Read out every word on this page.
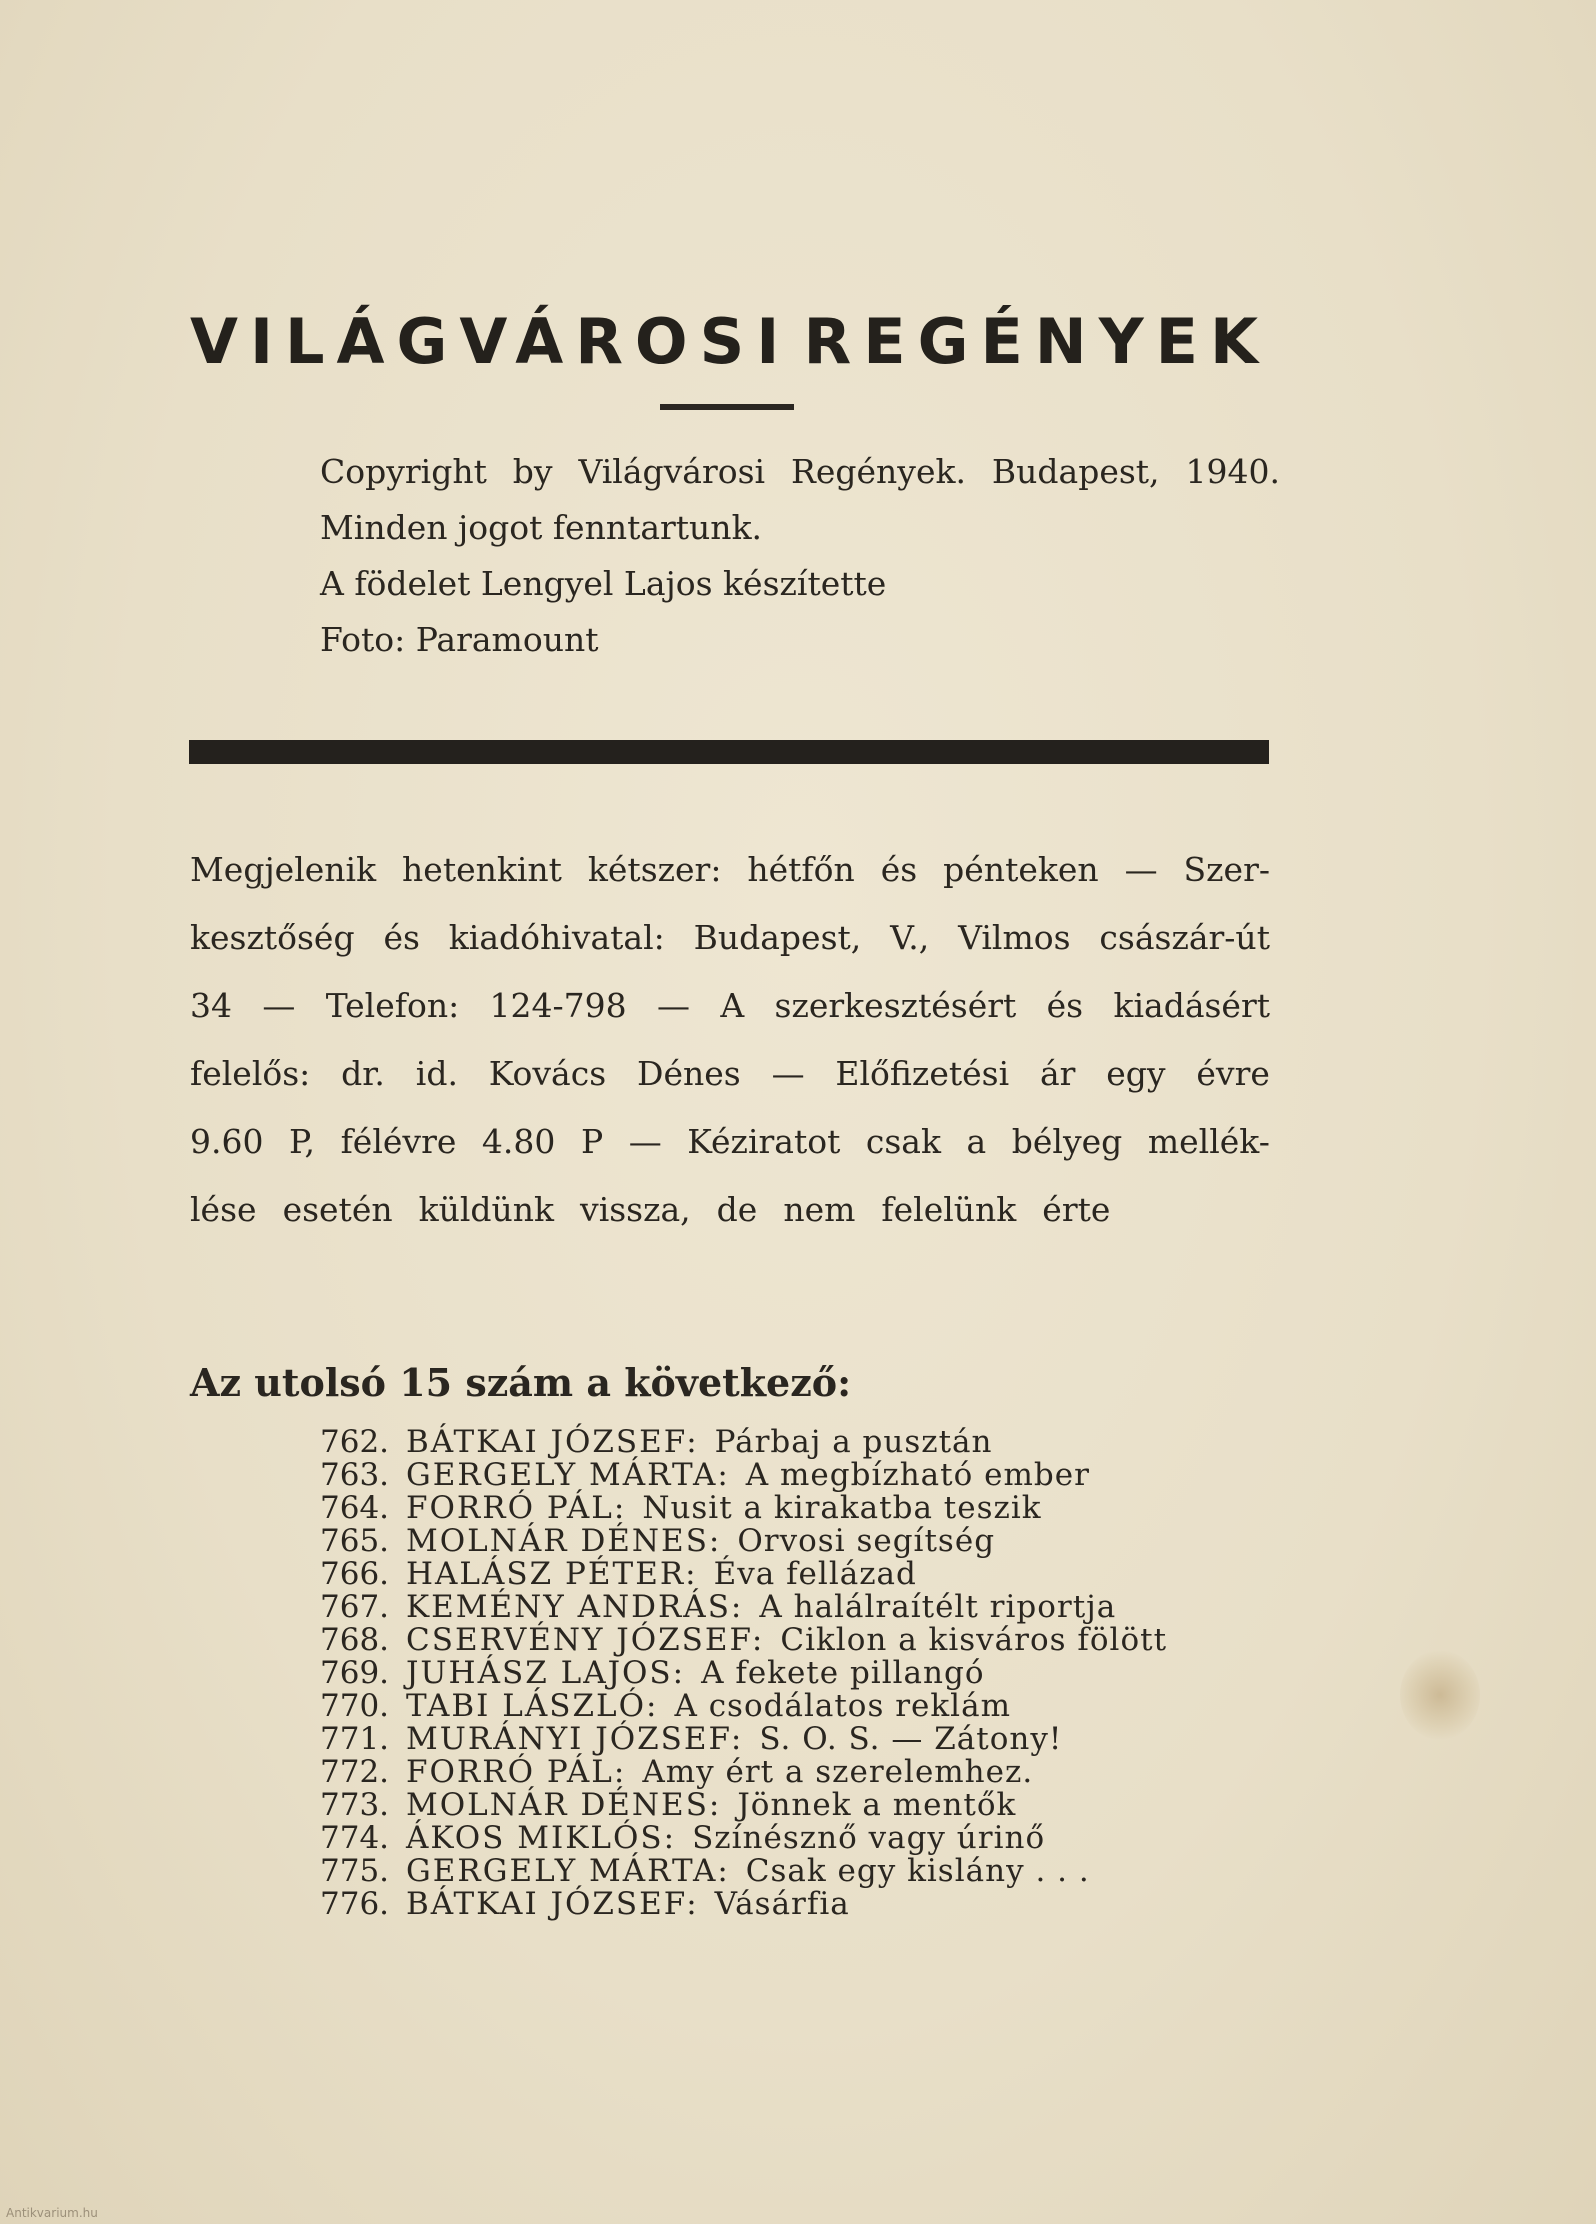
VILÁGVÁROSI REGÉNYEK
Copyright by Világvárosi Regények. Budapest, 1940.
Minden jogot fenntartunk.
A födelet Lengyel Lajos készítette
Foto: Paramount
Megjelenik hetenkint kétszer: hétfőn és pénteken — Szer-
kesztőség és kiadóhivatal: Budapest, V., Vilmos császár-út
34 — Telefon: 124-798 — A szerkesztésért és kiadásért
felelős: dr. id. Kovács Dénes — Előfizetési ár egy évre
9.60 P, félévre 4.80 P — Kéziratot csak a bélyeg mellék-
lése esetén küldünk vissza, de nem felelünk érte
Az utolsó 15 szám a következő:
762. BÁTKAI JÓZSEF: Párbaj a pusztán
763. GERGELY MÁRTA: A megbízható ember
764. FORRÓ PÁL: Nusit a kirakatba teszik
765. MOLNÁR DÉNES: Orvosi segítség
766. HALÁSZ PÉTER: Éva fellázad
767. KEMÉNY ANDRÁS: A halálraítélt riportja
768. CSERVÉNY JÓZSEF: Ciklon a kisváros fölött
769. JUHÁSZ LAJOS: A fekete pillangó
770. TABI LÁSZLÓ: A csodálatos reklám
771. MURÁNYI JÓZSEF: S. O. S. — Zátony!
772. FORRÓ PÁL: Amy ért a szerelemhez.
773. MOLNÁR DÉNES: Jönnek a mentők
774. ÁKOS MIKLÓS: Színésznő vagy úrinő
775. GERGELY MÁRTA: Csak egy kislány . . .
776. BÁTKAI JÓZSEF: Vásárfia
Antikvarium.hu
